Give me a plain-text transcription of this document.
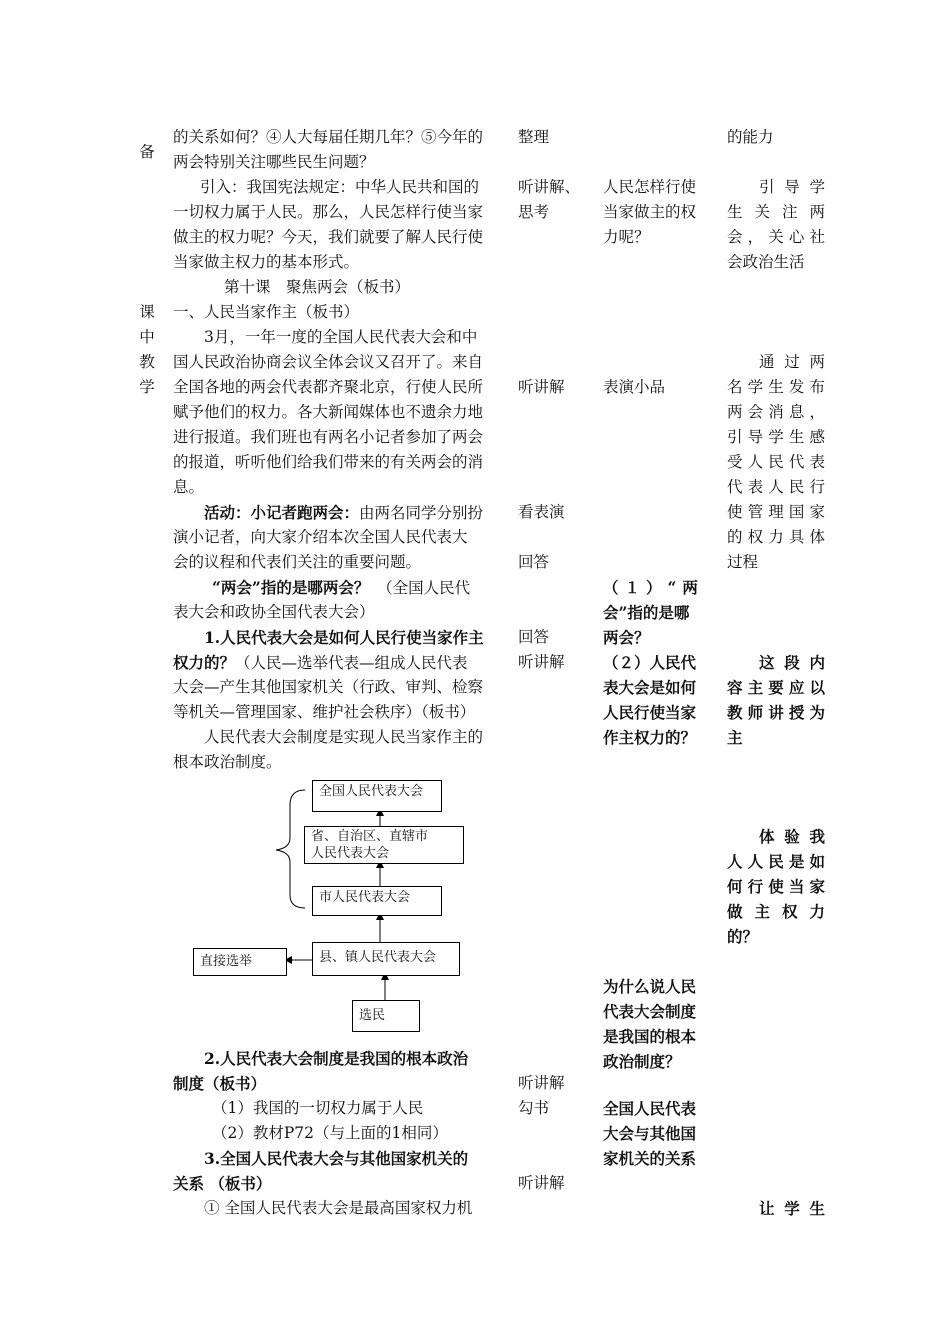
备
课
中
教
学
的关系如何？④人大每届任期几年？⑤今年的
两会特别关注哪些民生问题？
引入：我国宪法规定：中华人民共和国的
一切权力属于人民。那么，人民怎样行使当家
做主的权力呢？今天，我们就要了解人民行使
当家做主权力的基本形式。
第十课　聚焦两会（板书）
一、人民当家作主（板书）
3月，一年一度的全国人民代表大会和中
国人民政治协商会议全体会议又召开了。来自
全国各地的两会代表都齐聚北京，行使人民所
赋予他们的权力。各大新闻媒体也不遗余力地
进行报道。我们班也有两名小记者参加了两会
的报道，听听他们给我们带来的有关两会的消
息。
活动：小记者跑两会：由两名同学分别扮
演小记者，向大家介绍本次全国人民代表大
会的议程和代表们关注的重要问题。
“两会”指的是哪两会？　（全国人民代
表大会和政协全国代表大会）
1.人民代表大会是如何人民行使当家作主
权力的？（人民—选举代表—组成人民代表
大会—产生其他国家机关（行政、审判、检察
等机关—管理国家、维护社会秩序）（板书）
人民代表大会制度是实现人民当家作主的
根本政治制度。
全国人民代表大会
省、自治区、直辖市
人民代表大会
市人民代表大会
县、镇人民代表大会
直接选举
选民
2.人民代表大会制度是我国的根本政治
制度（板书）
（1）我国的一切权力属于人民
（2）教材P72（与上面的1相同）
3.全国人民代表大会与其他国家机关的
关系 （板书）
① 全国人民代表大会是最高国家权力机
整理
听讲解、
思考
听讲解
看表演
回答
回答
听讲解
听讲解
勾书
听讲解
人民怎样行使
当家做主的权
力呢？
表演小品
（１）“两
会”指的是哪
两会？
（２）人民代
表大会是如何
人民行使当家
作主权力的？
为什么说人民
代表大会制度
是我国的根本
政治制度？
全国人民代表
大会与其他国
家机关的关系
的能力
引导学
生关注两
会，关心社
会政治生活
通过两
名学生发布
两会消息，
引导学生感
受人民代表
代表人民行
使管理国家
的权力具体
过程
这段内
容主要应以
教师讲授为
主
体验我
人人民是如
何行使当家
做主权力
的？
让学生
